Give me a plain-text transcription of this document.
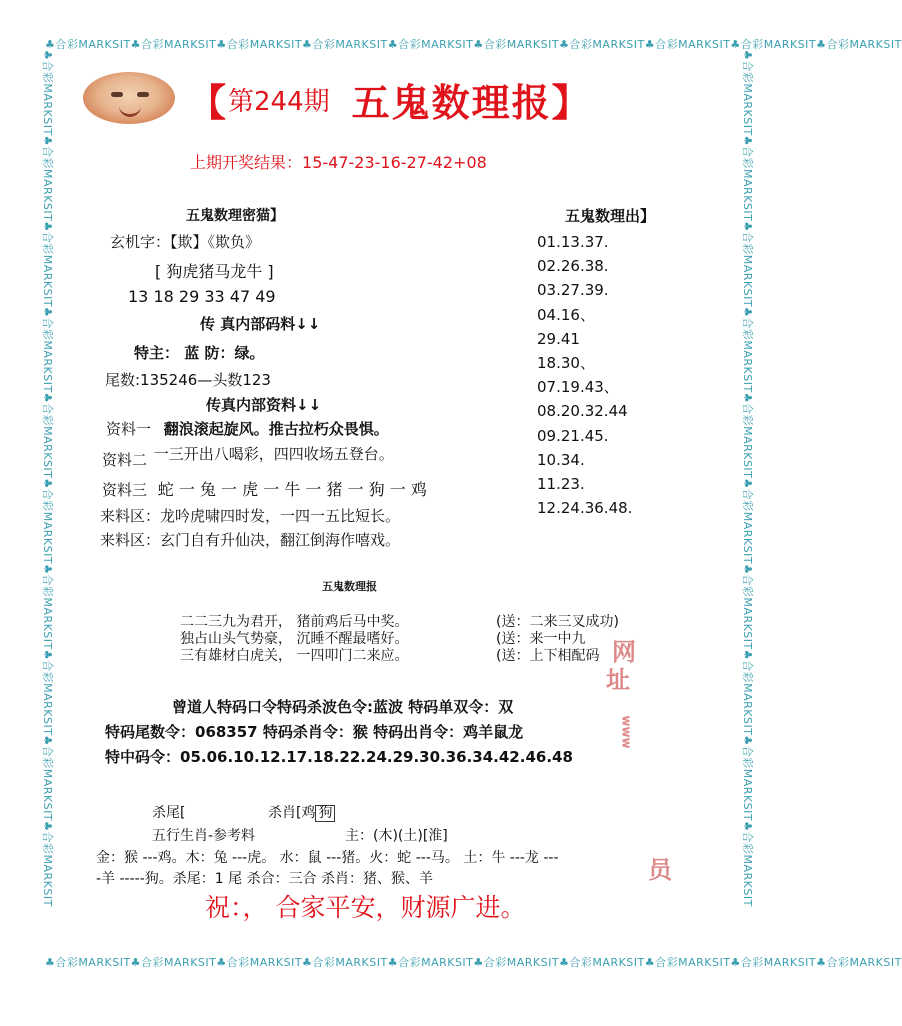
♣合彩MARKSIT♣合彩MARKSIT♣合彩MARKSIT♣合彩MARKSIT♣合彩MARKSIT♣合彩MARKSIT♣合彩MARKSIT♣合彩MARKSIT♣合彩MARKSIT♣合彩MARKSIT
♣合彩MARKSIT♣合彩MARKSIT♣合彩MARKSIT♣合彩MARKSIT♣合彩MARKSIT♣合彩MARKSIT♣合彩MARKSIT♣合彩MARKSIT♣合彩MARKSIT♣合彩MARKSIT
♣合彩MARKSIT♣合彩MARKSIT♣合彩MARKSIT♣合彩MARKSIT♣合彩MARKSIT♣合彩MARKSIT♣合彩MARKSIT♣合彩MARKSIT♣合彩MARKSIT♣合彩MARKSIT	♣合彩MARKSIT♣合彩MARKSIT♣合彩MARKSIT♣合彩MARKSIT♣合彩MARKSIT♣合彩MARKSIT♣合彩MARKSIT♣合彩MARKSIT♣合彩MARKSIT♣合彩MARKSIT
【 第244期 五鬼数理报 】
上期开奖结果：15-47-23-16-27-42+08
五鬼数理密猫】
玄机字：【欺】《欺负》
[ 狗虎猪马龙牛 ]
13 18 29 33 47 49
传 真内部码料↓↓
特主： 蓝 防：绿。
尾数:135246—头数123
传真内部资料↓↓
资料一 翻浪滚起旋风。推古拉朽众畏惧。
资料二 一三开出八喝彩，四四收场五登台。
资料三 蛇 一 兔 一 虎 一 牛 一 猪 一 狗 一 鸡
来料区：龙吟虎啸四时发，一四一五比短长。
来料区：玄门自有升仙决，翻江倒海作嘻戏。
五鬼数理出】
01.13.37.
02.26.38.
03.27.39.
04.16、
29.41
18.30、
07.19.43、
08.20.32.44
09.21.45.
10.34.
11.23.
12.24.36.48.
五鬼数理报
二二三九为君开， 猪前鸡后马中奖。	(送：二来三叉成功)
独占山头气势豪， 沉睡不醒最嗜好。	(送：来一中九
三有雄材白虎关， 一四叩门二来应。	(送：上下相配码 网
址
www
员
曾道人特码口令特码杀波色令:蓝波 特码单双令：双
特码尾数令：068357 特码杀肖令：猴 特码出肖令：鸡羊鼠龙
特中码令：05.06.10.12.17.18.22.24.29.30.36.34.42.46.48
杀尾[	杀肖[鸡 狗
五行生肖-参考料	主：(木)(土)[淮]
金：猴 ---鸡。木：兔 ---虎。 水：鼠 ---猪。火：蛇 ---马。 土：牛 ---龙 ---
-羊 -----狗。杀尾：1 尾 杀合：三合 杀肖：猪、猴、羊
祝：， 合家平安，财源广进。
